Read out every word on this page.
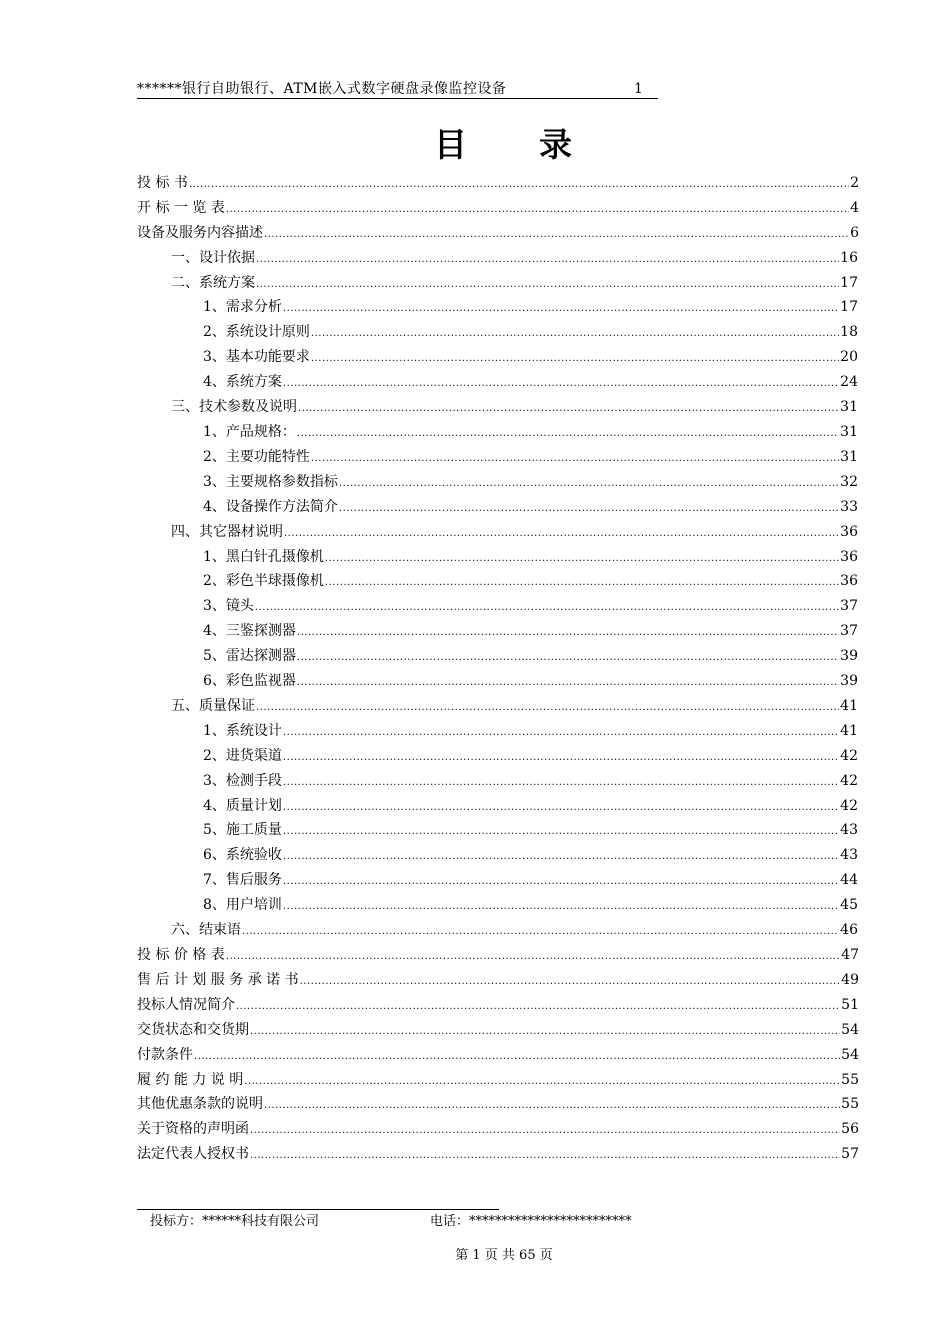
******银行自助银行、ATM嵌入式数字硬盘录像监控设备	1
目 录
投 标 书 .....	2
开 标 一 览 表 .....	4
设备及服务内容描述 .....	6
一、设计依据 .....	16
二、系统方案 .....	17
1、需求分析 .....	17
2、系统设计原则 .....	18
3、基本功能要求 .....	20
4、系统方案 .....	24
三、技术参数及说明 .....	31
1、产品规格： .....	31
2、主要功能特性 .....	31
3、主要规格参数指标 .....	32
4、设备操作方法简介 .....	33
四、其它器材说明 .....	36
1、黑白针孔摄像机 .....	36
2、彩色半球摄像机 .....	36
3、镜头 .....	37
4、三鉴探测器 .....	37
5、雷达探测器 .....	39
6、彩色监视器 .....	39
五、质量保证 .....	41
1、系统设计 .....	41
2、进货渠道 .....	42
3、检测手段 .....	42
4、质量计划 .....	42
5、施工质量 .....	43
6、系统验收 .....	43
7、售后服务 .....	44
8、用户培训 .....	45
六、结束语 .....	46
投 标 价 格 表 .....	47
售 后 计 划 服 务 承 诺 书 .....	49
投标人情况简介 .....	51
交货状态和交货期 .....	54
付款条件 .....	54
履 约 能 力 说 明 .....	55
其他优惠条款的说明 .....	55
关于资格的声明函 .....	56
法定代表人授权书 .....	57
投标方：******科技有限公司	电话：*************************
第 1 页 共 65 页
